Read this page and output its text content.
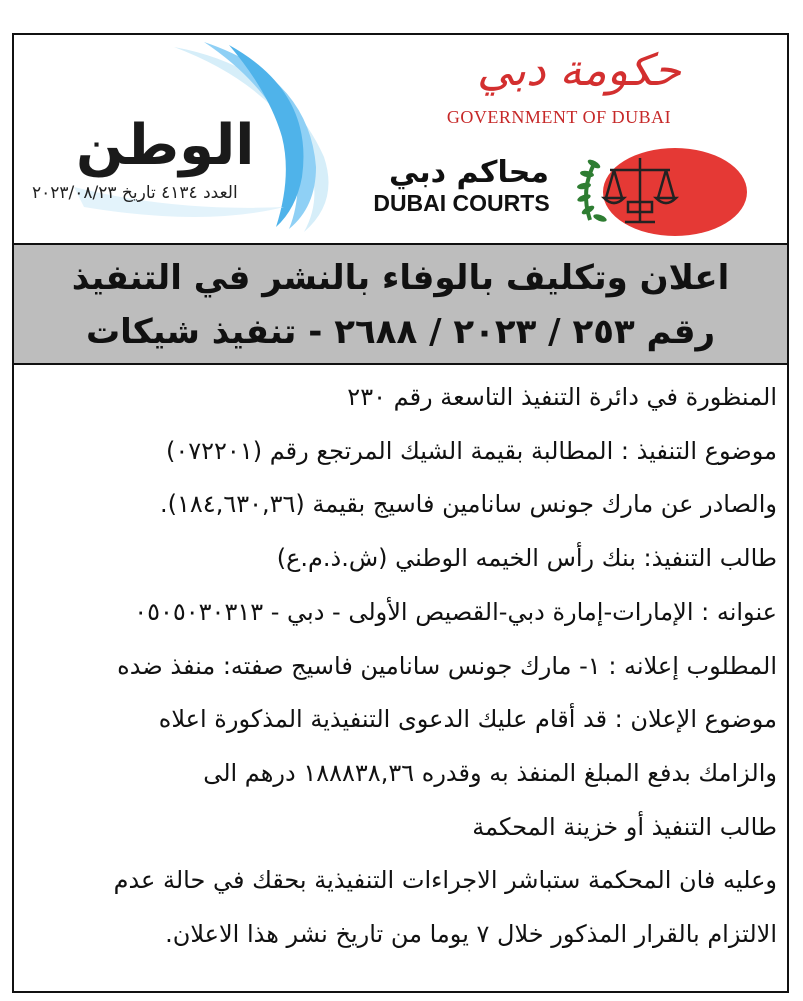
الوطن
العدد ٤١٣٤ تاريخ ٢٠٢٣/٠٨/٢٣
حكومة دبي
GOVERNMENT OF DUBAI
محاكم دبي
DUBAI COURTS
اعلان وتكليف بالوفاء بالنشر في التنفيذ
رقم ٢٥٣ / ٢٠٢٣ / ٢٦٨٨ - تنفيذ شيكات
المنظورة في دائرة التنفيذ التاسعة رقم ٢٣٠
موضوع التنفيذ : المطالبة بقيمة الشيك المرتجع رقم (٠٧٢٢٠١)
والصادر عن مارك جونس سانامين فاسيج بقيمة (١٨٤,٦٣٠,٣٦).
طالب التنفيذ: بنك رأس الخيمه الوطني (ش.ذ.م.ع)
عنوانه : الإمارات-إمارة دبي-القصيص الأولى - دبي - ٠٥٠٥٠٣٠٣١٣
المطلوب إعلانه : ١- مارك جونس سانامين فاسيج صفته: منفذ ضده
موضوع الإعلان : قد أقام عليك الدعوى التنفيذية المذكورة اعلاه
والزامك بدفع المبلغ المنفذ به وقدره ١٨٨٨٣٨,٣٦ درهم الى
طالب التنفيذ أو خزينة المحكمة
وعليه فان المحكمة ستباشر الاجراءات التنفيذية بحقك في حالة عدم
الالتزام بالقرار المذكور خلال ٧ يوما من تاريخ نشر هذا الاعلان.
